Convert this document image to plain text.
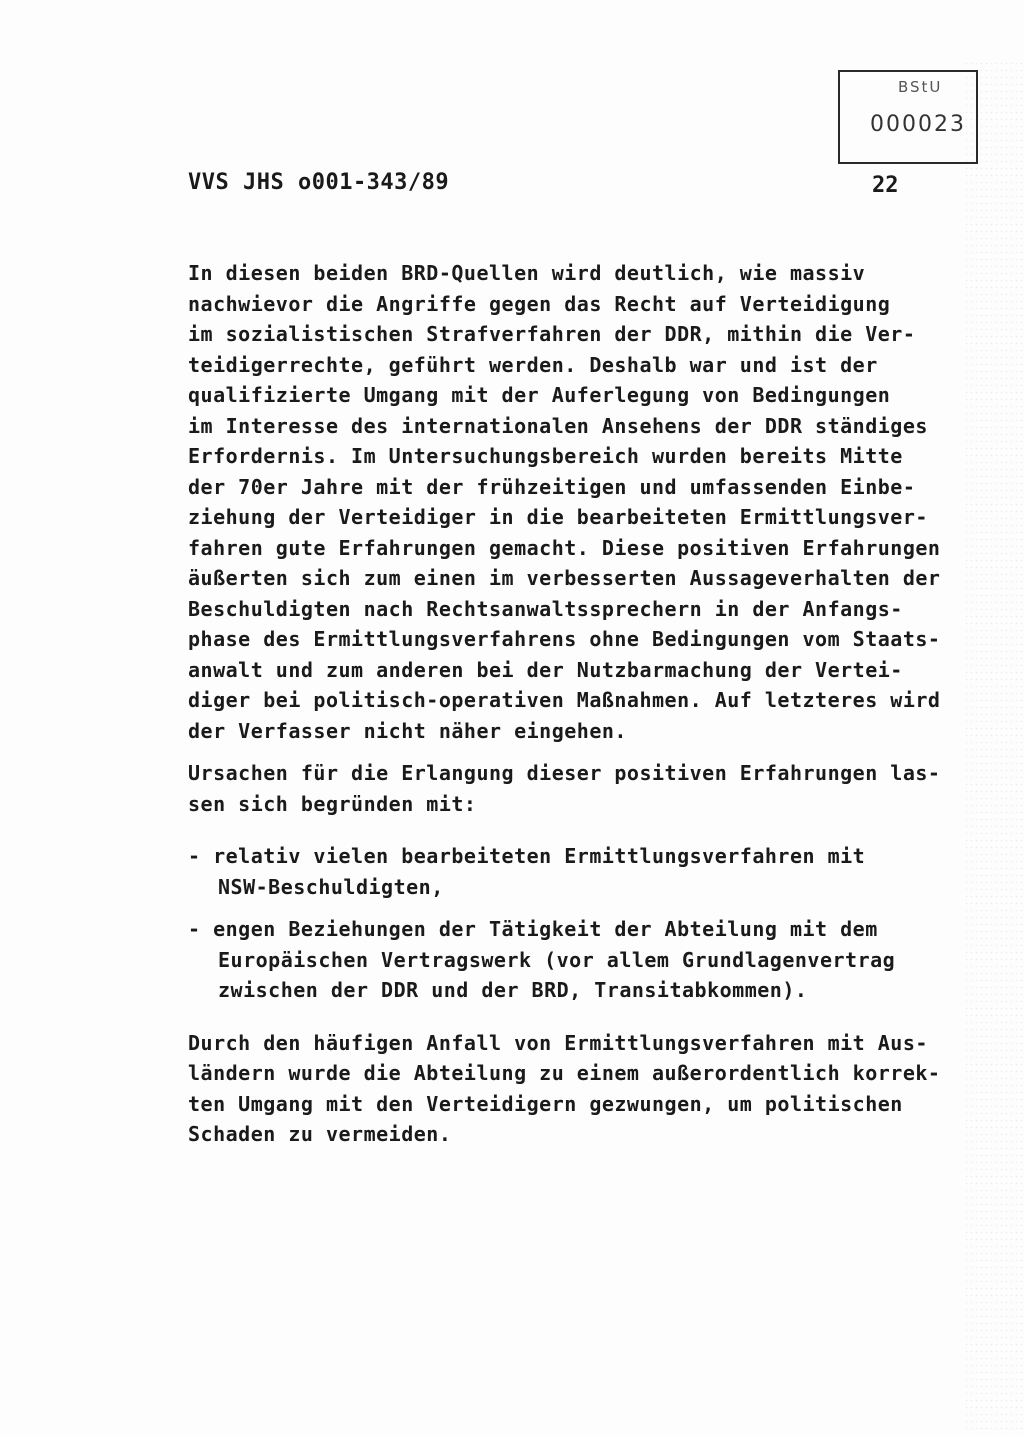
BStU
000023
VVS JHS o001-343/89	22
In diesen beiden BRD-Quellen wird deutlich, wie massiv
nachwievor die Angriffe gegen das Recht auf Verteidigung
im sozialistischen Strafverfahren der DDR, mithin die Ver-
teidigerrechte, geführt werden. Deshalb war und ist der
qualifizierte Umgang mit der Auferlegung von Bedingungen
im Interesse des internationalen Ansehens der DDR ständiges
Erfordernis. Im Untersuchungsbereich wurden bereits Mitte
der 70er Jahre mit der frühzeitigen und umfassenden Einbe-
ziehung der Verteidiger in die bearbeiteten Ermittlungsver-
fahren gute Erfahrungen gemacht. Diese positiven Erfahrungen
äußerten sich zum einen im verbesserten Aussageverhalten der
Beschuldigten nach Rechtsanwaltssprechern in der Anfangs-
phase des Ermittlungsverfahrens ohne Bedingungen vom Staats-
anwalt und zum anderen bei der Nutzbarmachung der Vertei-
diger bei politisch-operativen Maßnahmen. Auf letzteres wird
der Verfasser nicht näher eingehen.
Ursachen für die Erlangung dieser positiven Erfahrungen las-
sen sich begründen mit:
- relativ vielen bearbeiteten Ermittlungsverfahren mit
NSW-Beschuldigten,
- engen Beziehungen der Tätigkeit der Abteilung mit dem
Europäischen Vertragswerk (vor allem Grundlagenvertrag
zwischen der DDR und der BRD, Transitabkommen).
Durch den häufigen Anfall von Ermittlungsverfahren mit Aus-
ländern wurde die Abteilung zu einem außerordentlich korrek-
ten Umgang mit den Verteidigern gezwungen, um politischen
Schaden zu vermeiden.
